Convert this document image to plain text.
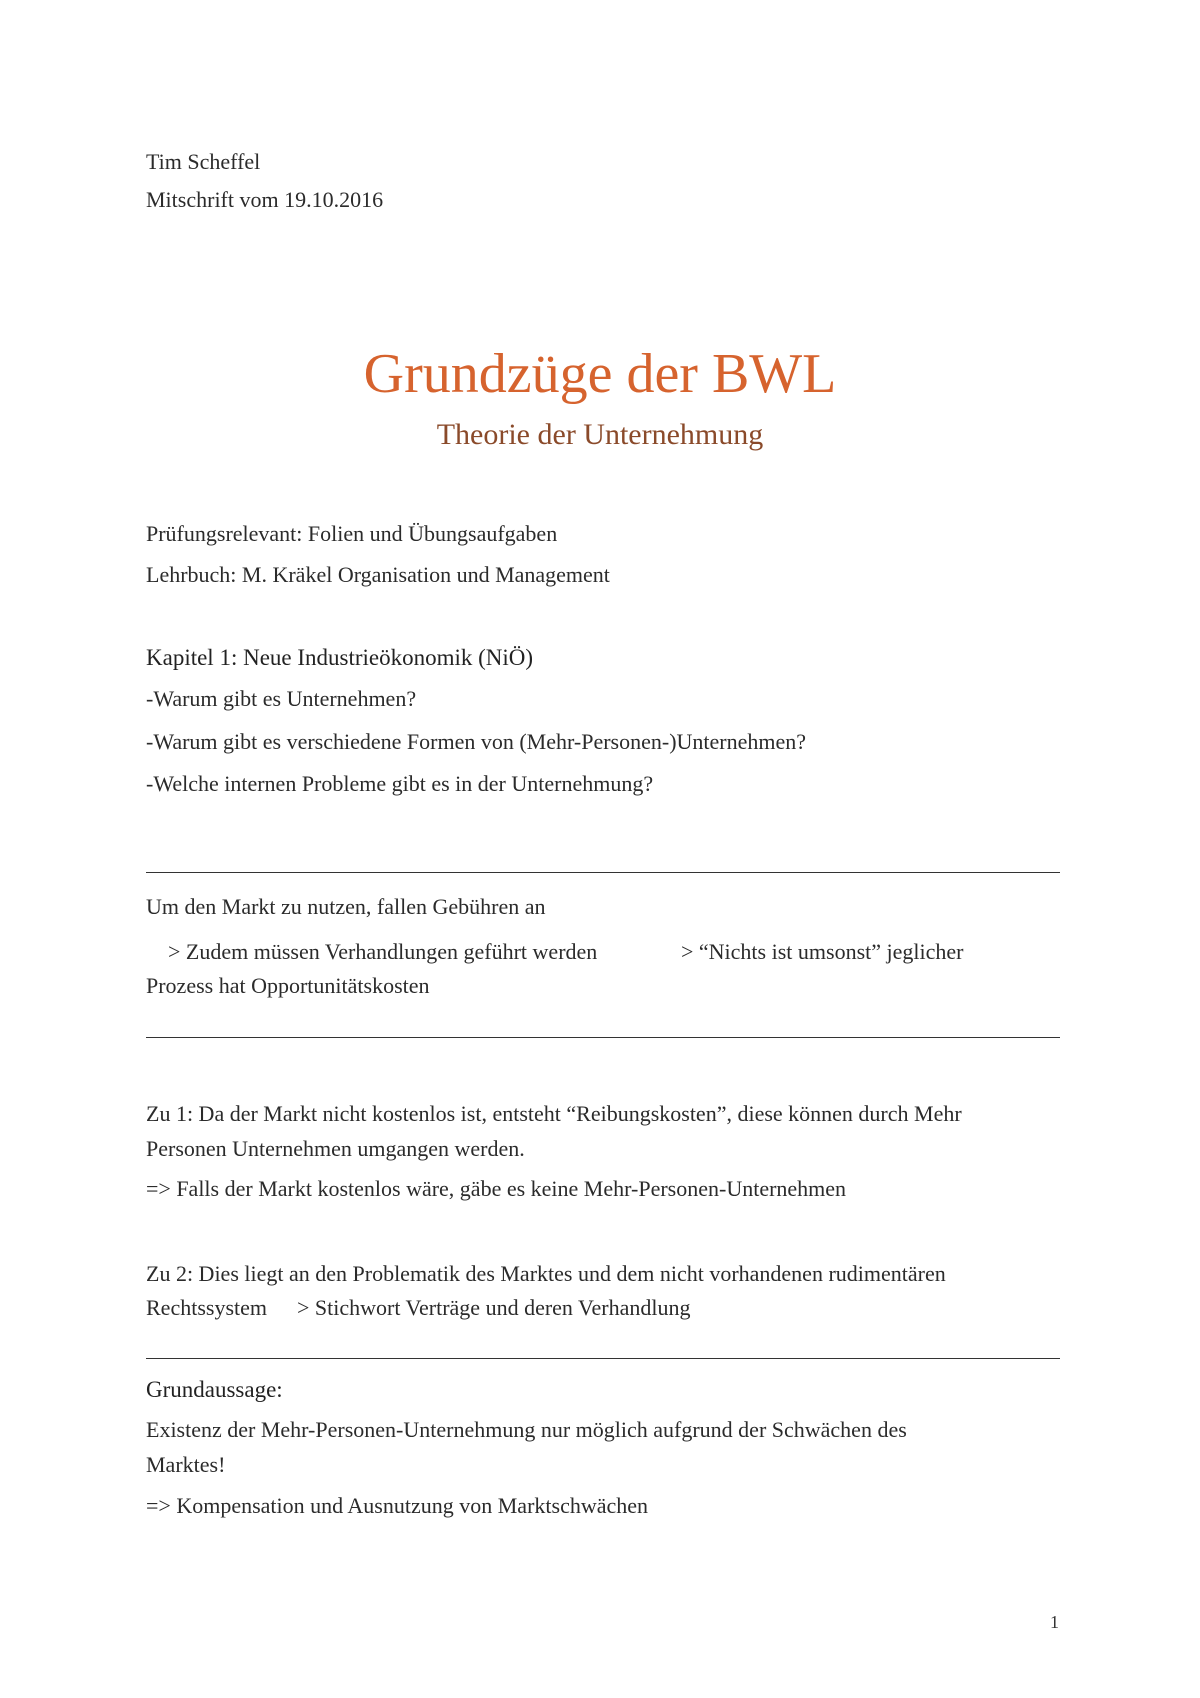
Tim Scheffel
Mitschrift vom 19.10.2016
Grundzüge der BWL
Theorie der Unternehmung
Prüfungsrelevant: Folien und Übungsaufgaben
Lehrbuch: M. Kräkel Organisation und Management
Kapitel 1: Neue Industrieökonomik (NiÖ)
-Warum gibt es Unternehmen?
-Warum gibt es verschiedene Formen von (Mehr-Personen-)Unternehmen?
-Welche internen Probleme gibt es in der Unternehmung?
Um den Markt zu nutzen, fallen Gebühren an
> Zudem müssen Verhandlungen geführt werden	> “Nichts ist umsonst” jeglicher
Prozess hat Opportunitätskosten
Zu 1: Da der Markt nicht kostenlos ist, entsteht “Reibungskosten”, diese können durch Mehr
Personen Unternehmen umgangen werden.
=> Falls der Markt kostenlos wäre, gäbe es keine Mehr-Personen-Unternehmen
Zu 2: Dies liegt an den Problematik des Marktes und dem nicht vorhandenen rudimentären
Rechtssystem > Stichwort Verträge und deren Verhandlung
Grundaussage:
Existenz der Mehr-Personen-Unternehmung nur möglich aufgrund der Schwächen des
Marktes!
=> Kompensation und Ausnutzung von Marktschwächen
1
